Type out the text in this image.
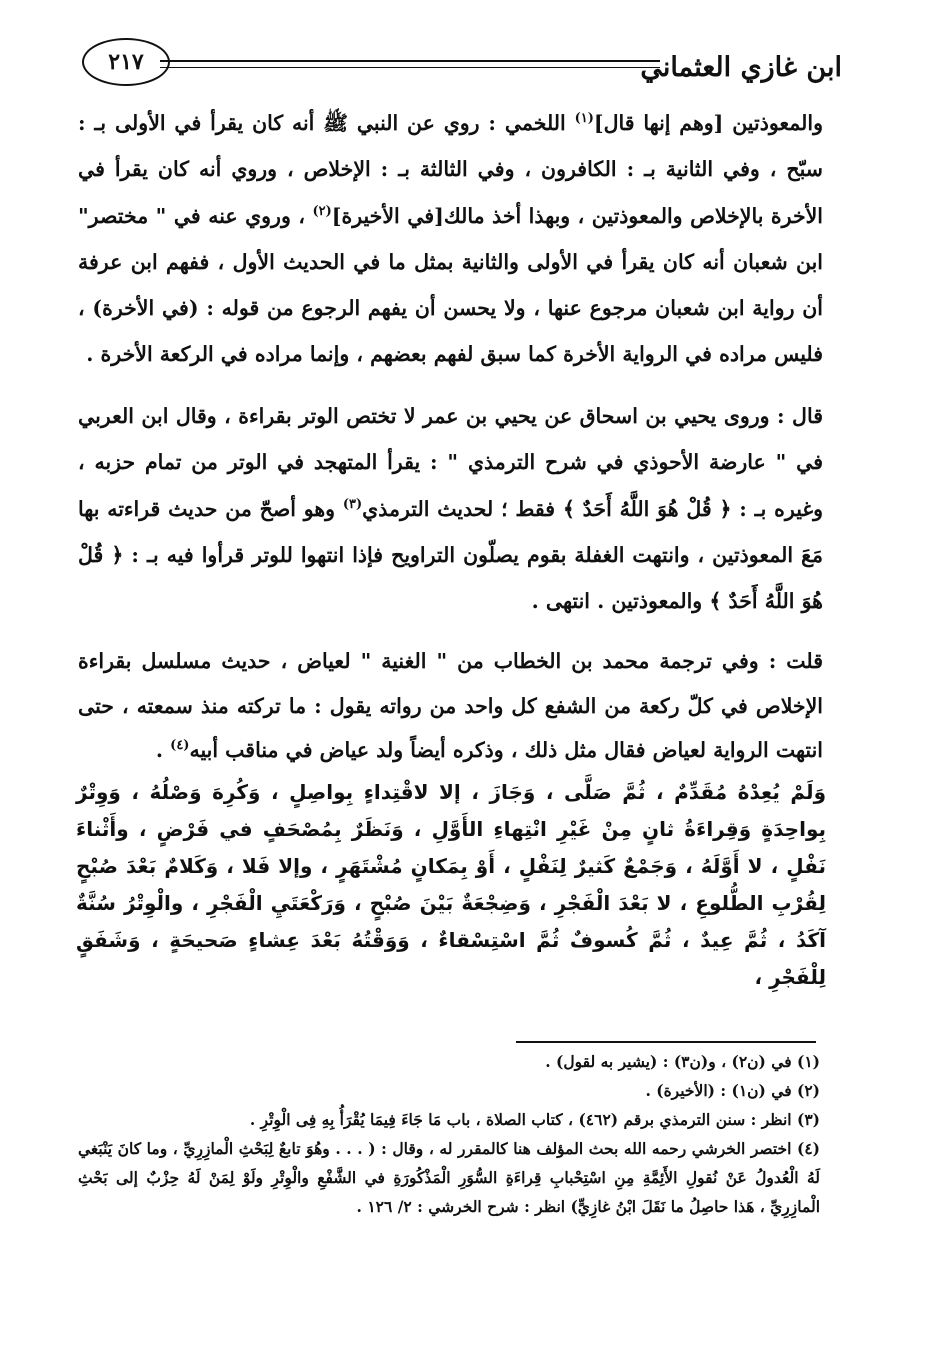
ابن غازي العثماني
٢١٧

والمعوذتين [وهم إنها قال]$^{(١)}$ اللخمي : روي عن النبي ﷺ أنه كان يقرأ في الأولى بـ : سبّح ، وفي الثانية بـ : الكافرون ، وفي الثالثة بـ : الإخلاص ، وروي أنه كان يقرأ في الأخرة بالإخلاص والمعوذتين ، وبهذا أخذ مالك[في الأخيرة]$^{(٢)}$ ، وروي عنه في " مختصر" ابن شعبان أنه كان يقرأ في الأولى والثانية بمثل ما في الحديث الأول ، ففهم ابن عرفة أن رواية ابن شعبان مرجوع عنها ، ولا يحسن أن يفهم الرجوع من قوله : (في الأخرة) ، فليس مراده في الرواية الأخرة كما سبق لفهم بعضهم ، وإنما مراده في الركعة الأخرة .

قال : وروى يحيي بن اسحاق عن يحيي بن عمر لا تختص الوتر بقراءة ، وقال ابن العربي في " عارضة الأحوذي في شرح الترمذي " : يقرأ المتهجد في الوتر من تمام حزبه ، وغيره بـ : ﴿ قُلْ هُوَ اللَّهُ أَحَدٌ ﴾ فقط ؛ لحديث الترمذي$^{(٣)}$ وهو أصحّ من حديث قراءته بها مَعَ المعوذتين ، وانتهت الغفلة بقوم يصلّون التراويح فإذا انتهوا للوتر قرأوا فيه بـ : ﴿ قُلْ هُوَ اللَّهُ أَحَدٌ ﴾ والمعوذتين . انتهى .

قلت : وفي ترجمة محمد بن الخطاب من " الغنية " لعياض ، حديث مسلسل بقراءة الإخلاص في كلّ ركعة من الشفع كل واحد من رواته يقول : ما تركته منذ سمعته ، حتى انتهت الرواية لعياض فقال مثل ذلك ، وذكره أيضاً ولد عياض في مناقب أبيه$^{(٤)}$ .

وَلَمْ يُعِدْهُ مُقَدِّمٌ ، ثُمَّ صَلَّى ، وَجَازَ ، إلا لاقْتِداءٍ بِواصِلٍ ، وَكُرِهَ وَصْلُهُ ، وَوِتْرٌ بِواحِدَةٍ وَقِراءَةُ ثانٍ مِنْ غَيْرِ انْتِهاءِ الأَوَّلِ ، وَنَظَرٌ بِمُصْحَفٍ في فَرْضٍ ، وأَثْناءَ نَفْلٍ ، لا أَوَّلَهُ ، وَجَمْعٌ كَثيرٌ لِنَفْلٍ ، أَوْ بِمَكانٍ مُشْتَهَرٍ ، وإلا فَلا ، وَكَلامٌ بَعْدَ صُبْحٍ لِقُرْبِ الطُّلوعِ ، لا بَعْدَ الْفَجْرِ ، وَضِجْعَةٌ بَيْنَ صُبْحٍ ، وَرَكْعَتَيِ الْفَجْرِ ، والْوِتْرُ سُنَّةٌ آكَدُ ، ثُمَّ عِيدٌ ، ثُمَّ كُسوفٌ ثُمَّ اسْتِسْقاءٌ ، وَوَقْتُهُ بَعْدَ عِشاءٍ صَحيحَةٍ ، وَشَفَقٍ لِلْفَجْرِ ،

(١) في (ن٢) ، و(ن٣) : (يشير به لقول) .

(٢) في (ن١) : (الأخيرة) .

(٣) انظر : سنن الترمذي برقم (٤٦٢) ، كتاب الصلاة ، باب مَا جَاءَ فِيمَا يُقْرَأُ بِهِ فِى الْوِتْرِ .

(٤) اختصر الخرشي رحمه الله بحث المؤلف هنا كالمقرر له ، وقال : ( . . . وهُوَ تابعٌ لِبَحْثِ الْمازِرِيِّ ، وما كانَ يَنْبَغي لَهُ الْعُدولُ عَنْ نُقولِ الأَئِمَّةِ مِنِ اسْتِحْبابِ قِراءَةِ السُّوَرِ الْمَذْكُورَةِ في الشَّفْعِ والْوِتْرِ ولَوْ لِمَنْ لَهُ حِزْبٌ إلى بَحْثِ الْمازِرِيِّ ، هَذا حاصِلُ ما نَقَلَ ابْنُ غازِيٍّ) انظر : شرح الخرشي : ٢/ ١٢٦ .
